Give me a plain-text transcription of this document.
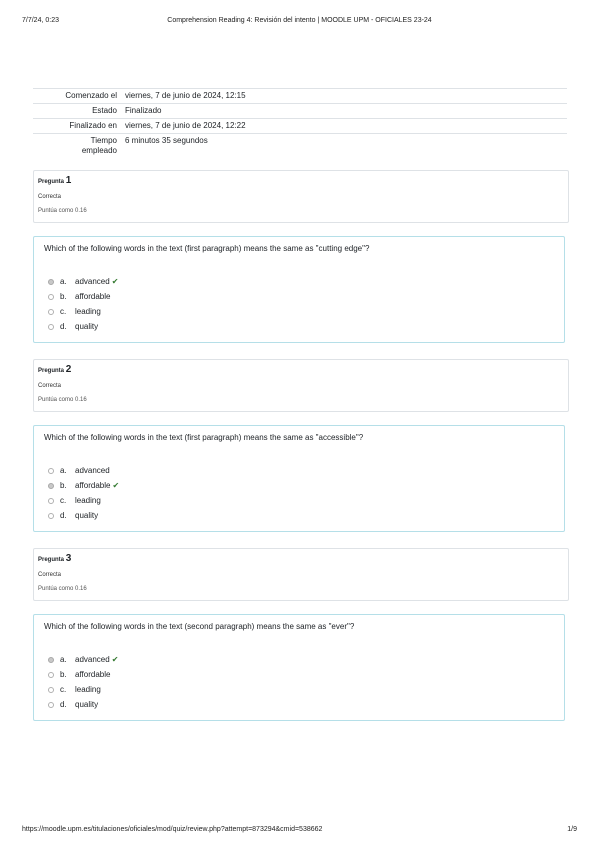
7/7/24, 0:23	Comprehension Reading 4: Revisión del intento | MOODLE UPM - OFICIALES 23-24
Comenzado el	viernes, 7 de junio de 2024, 12:15
Estado	Finalizado
Finalizado en	viernes, 7 de junio de 2024, 12:22
Tiempo empleado	6 minutos 35 segundos
Pregunta 1
Correcta
Puntúa como 0.16
Which of the following words in the text (first paragraph) means the same as "cutting edge"?
a.	advanced ✔
b.	affordable
c.	leading
d.	quality
Pregunta 2
Correcta
Puntúa como 0.16
Which of the following words in the text (first paragraph) means the same as "accessible"?
a.	advanced
b.	affordable ✔
c.	leading
d.	quality
Pregunta 3
Correcta
Puntúa como 0.16
Which of the following words in the text (second paragraph) means the same as "ever"?
a.	advanced ✔
b.	affordable
c.	leading
d.	quality
https://moodle.upm.es/titulaciones/oficiales/mod/quiz/review.php?attempt=873294&cmid=538662	1/9
